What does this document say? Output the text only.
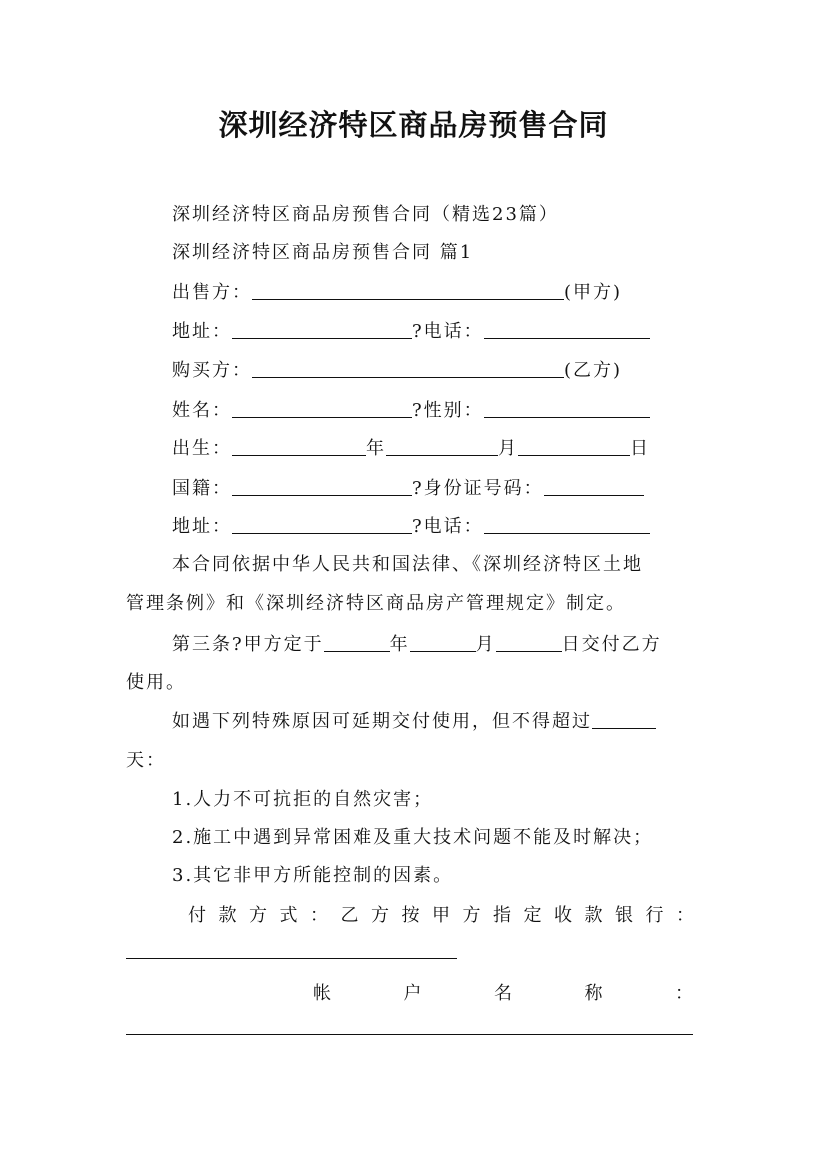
深圳经济特区商品房预售合同
深圳经济特区商品房预售合同（精选23篇）
深圳经济特区商品房预售合同 篇1
出售方：	(甲方)
地址：	?电话：
购买方：	(乙方)
姓名：	?性别：
出生：	年	月	日
国籍：	?身份证号码：
地址：	?电话：
本合同依据中华人民共和国法律、《深圳经济特区土地
管理条例》和《深圳经济特区商品房产管理规定》制定。
第三条?甲方定于	年	月	日交付乙方
使用。
如遇下列特殊原因可延期交付使用，但不得超过
天：
1.人力不可抗拒的自然灾害；
2.施工中遇到异常困难及重大技术问题不能及时解决；
3.其它非甲方所能控制的因素。
付 款 方 式 ： 乙 方 按 甲 方 指 定 收 款 银 行 ：
帐	户	名	称	：
